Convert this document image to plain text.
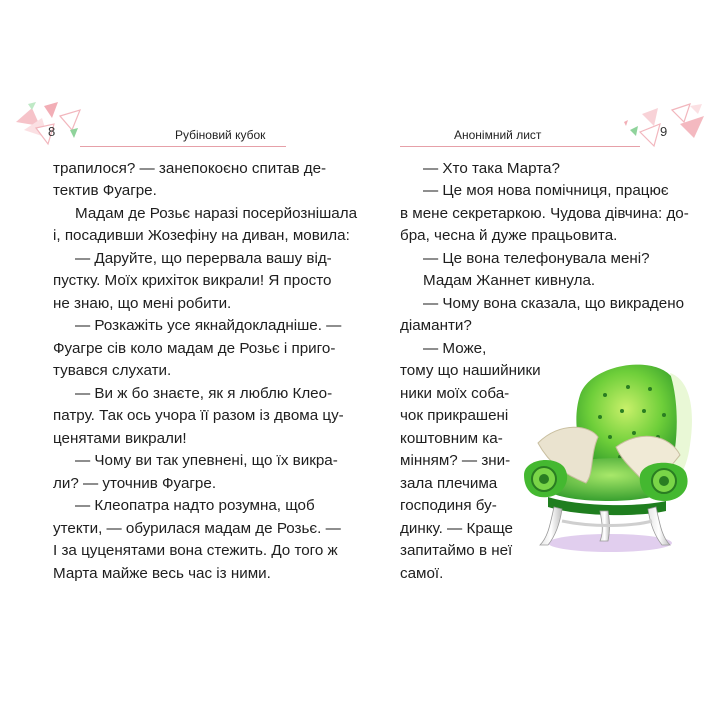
8	Рубіновий кубок	Анонімний лист	9
трапилося? — занепокоєно спитав де-
тектив Фуагре.
Мадам де Розьє наразі посерйознішала
і, посадивши Жозефіну на диван, мовила:
— Даруйте, що перервала вашу від-
пустку. Моїх крихіток викрали! Я просто
не знаю, що мені робити.
— Розкажіть усе якнайдокладніше. —
Фуагре сів коло мадам де Розьє і приго-
тувався слухати.
— Ви ж бо знаєте, як я люблю Клео-
патру. Так ось учора її разом із двома цу-
ценятами викрали!
— Чому ви так упевнені, що їх викра-
ли? — уточнив Фуагре.
— Клеопатра надто розумна, щоб
утекти, — обурилася мадам де Розьє. —
І за цуценятами вона стежить. До того ж
Марта майже весь час із ними.
— Хто така Марта?
— Це моя нова помічниця, працює
в мене секретаркою. Чудова дівчина: до-
бра, чесна й дуже працьовита.
— Це вона телефонувала мені?
Мадам Жаннет кивнула.
— Чому вона сказала, що викрадено
діаманти?
— Може,
тому що нашийники
ники моїх соба-
чок прикрашені
коштовним ка-
мінням? — зни-
зала плечима
господиня бу-
динку. — Краще
запитаймо в неї
самої.
